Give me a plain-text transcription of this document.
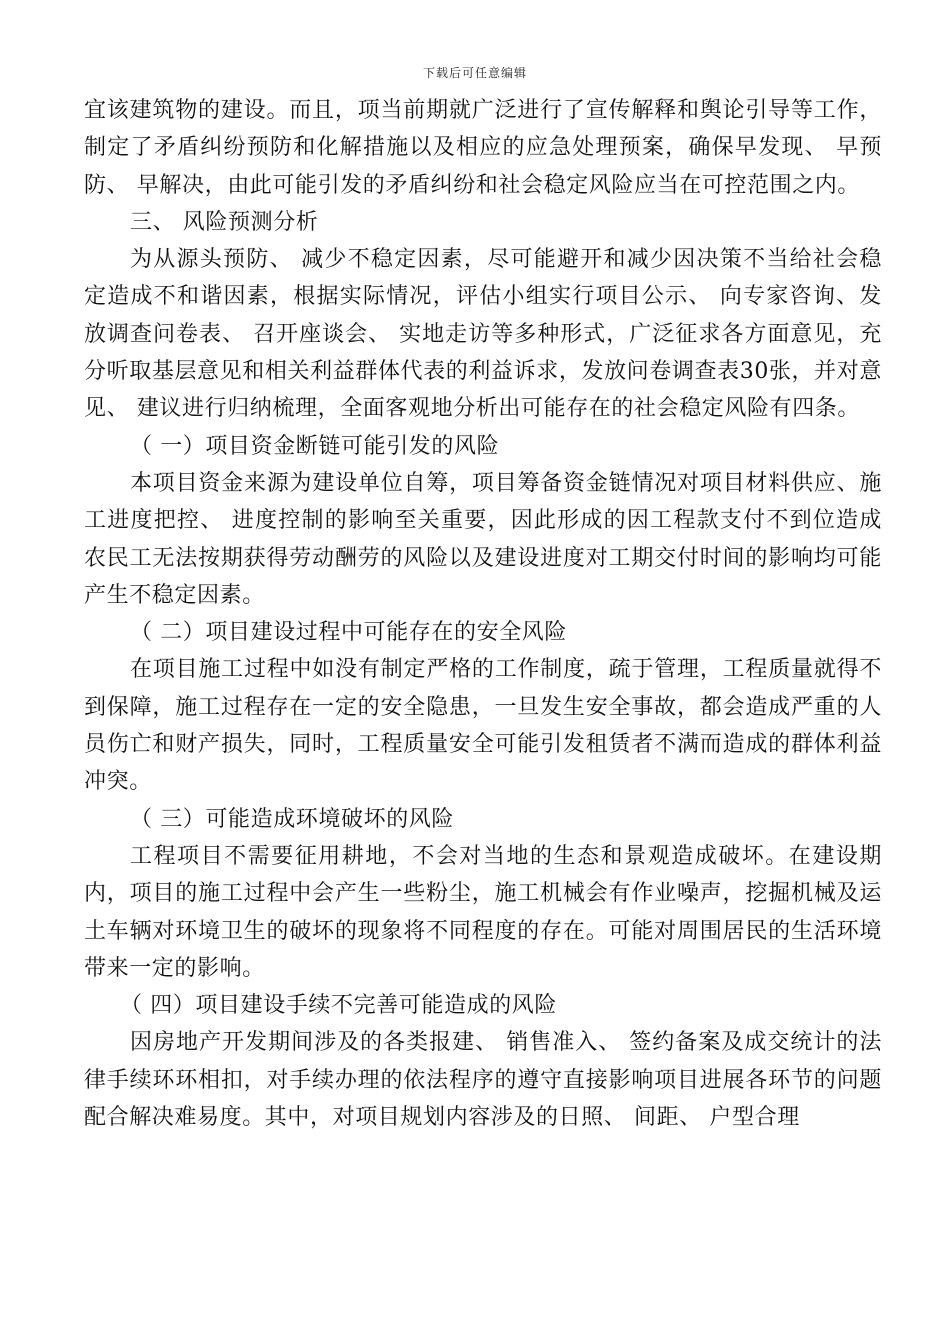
下载后可任意编辑

宜该建筑物的建设。而且，项当前期就广泛进行了宣传解释和舆论引导等工作，制定了矛盾纠纷预防和化解措施以及相应的应急处理预案，确保早发现、 早预防、 早解决，由此可能引发的矛盾纠纷和社会稳定风险应当在可控范围之内。

三、 风险预测分析

为从源头预防、 减少不稳定因素，尽可能避开和减少因决策不当给社会稳定造成不和谐因素，根据实际情况，评估小组实行项目公示、 向专家咨询、发放调查问卷表、 召开座谈会、 实地走访等多种形式，广泛征求各方面意见，充分听取基层意见和相关利益群体代表的利益诉求，发放问卷调查表30张，并对意见、 建议进行归纳梳理，全面客观地分析出可能存在的社会稳定风险有四条。

（ 一）项目资金断链可能引发的风险

本项目资金来源为建设单位自筹，项目筹备资金链情况对项目材料供应、施工进度把控、 进度控制的影响至关重要，因此形成的因工程款支付不到位造成农民工无法按期获得劳动酬劳的风险以及建设进度对工期交付时间的影响均可能产生不稳定因素。

（ 二）项目建设过程中可能存在的安全风险

在项目施工过程中如没有制定严格的工作制度，疏于管理，工程质量就得不到保障，施工过程存在一定的安全隐患，一旦发生安全事故，都会造成严重的人员伤亡和财产损失，同时，工程质量安全可能引发租赁者不满而造成的群体利益冲突。

（ 三）可能造成环境破坏的风险

工程项目不需要征用耕地，不会对当地的生态和景观造成破坏。在建设期内，项目的施工过程中会产生一些粉尘，施工机械会有作业噪声，挖掘机械及运土车辆对环境卫生的破坏的现象将不同程度的存在。可能对周围居民的生活环境带来一定的影响。

（ 四）项目建设手续不完善可能造成的风险

因房地产开发期间涉及的各类报建、 销售准入、 签约备案及成交统计的法律手续环环相扣，对手续办理的依法程序的遵守直接影响项目进展各环节的问题配合解决难易度。其中，对项目规划内容涉及的日照、 间距、 户型合理
